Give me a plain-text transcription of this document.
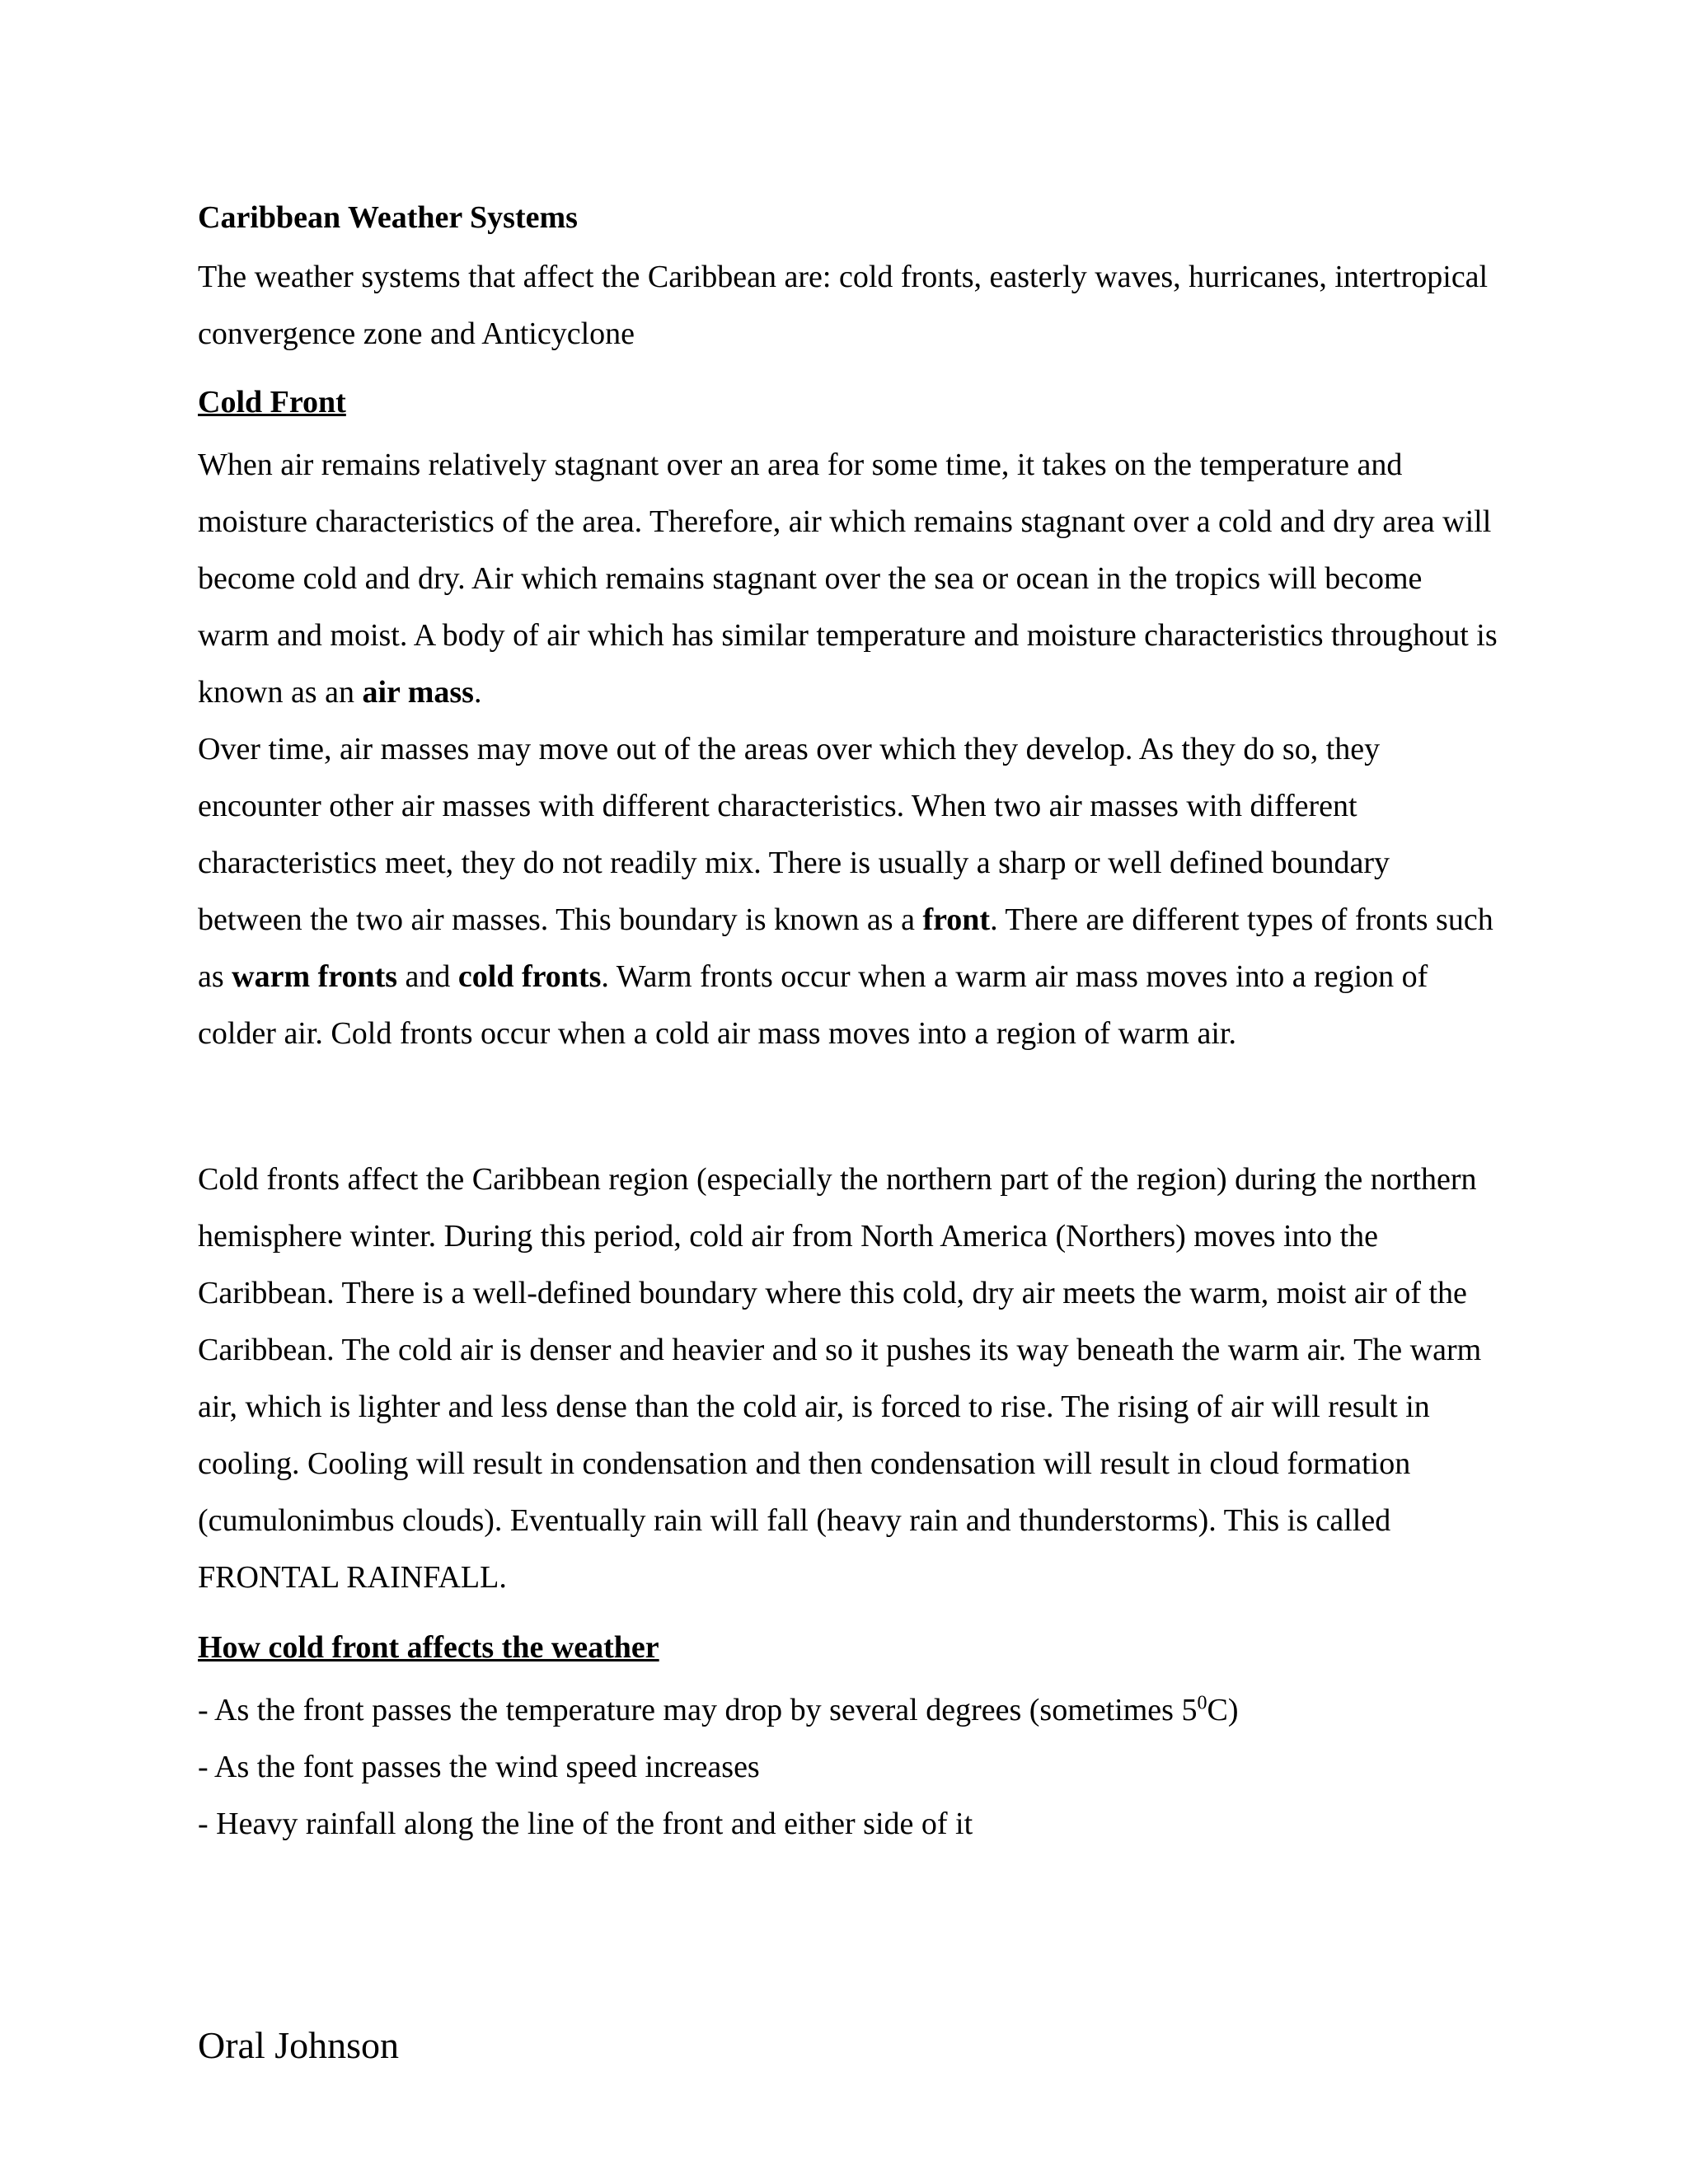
Caribbean Weather Systems

The weather systems that affect the Caribbean are: cold fronts, easterly waves, hurricanes, intertropical convergence zone and Anticyclone

Cold Front

When air remains relatively stagnant over an area for some time, it takes on the temperature and moisture characteristics of the area. Therefore, air which remains stagnant over a cold and dry area will become cold and dry. Air which remains stagnant over the sea or ocean in the tropics will become warm and moist. A body of air which has similar temperature and moisture characteristics throughout is known as an air mass.

Over time, air masses may move out of the areas over which they develop. As they do so, they encounter other air masses with different characteristics. When two air masses with different characteristics meet, they do not readily mix. There is usually a sharp or well defined boundary between the two air masses. This boundary is known as a front. There are different types of fronts such as warm fronts and cold fronts. Warm fronts occur when a warm air mass moves into a region of colder air. Cold fronts occur when a cold air mass moves into a region of warm air.

Cold fronts affect the Caribbean region (especially the northern part of the region) during the northern hemisphere winter. During this period, cold air from North America (Northers) moves into the Caribbean. There is a well-defined boundary where this cold, dry air meets the warm, moist air of the Caribbean. The cold air is denser and heavier and so it pushes its way beneath the warm air. The warm air, which is lighter and less dense than the cold air, is forced to rise. The rising of air will result in cooling. Cooling will result in condensation and then condensation will result in cloud formation (cumulonimbus clouds). Eventually rain will fall (heavy rain and thunderstorms). This is called FRONTAL RAINFALL.

How cold front affects the weather
- As the front passes the temperature may drop by several degrees (sometimes $5^0C$)
- As the font passes the wind speed increases
- Heavy rainfall along the line of the front and either side of it
Oral Johnson
